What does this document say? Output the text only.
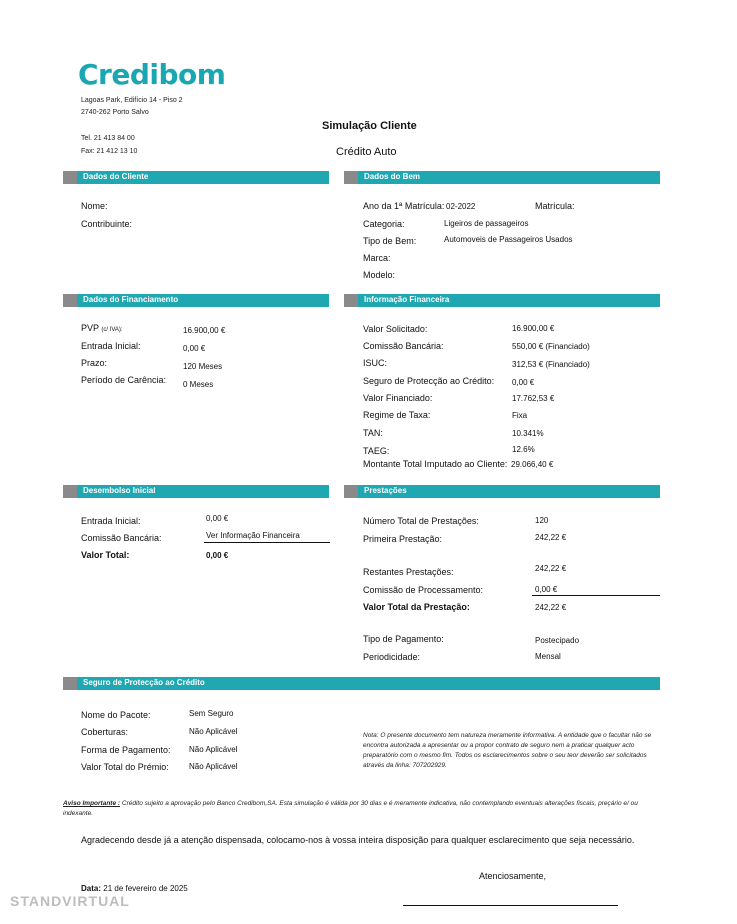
Credibom
Lagoas Park, Edifício 14 - Piso 2
2740-262 Porto Salvo
Tel. 21 413 84 00
Fax: 21 412 13 10
Simulação Cliente
Crédito Auto
Dados do Cliente
Nome:
Contribuinte:
Dados do Bem
Ano da 1ª Matrícula: 02-2022	Matrícula:
Categoria:	Ligeiros de passageiros
Tipo de Bem:	Automoveis de Passageiros Usados
Marca:
Modelo:
Dados do Financiamento
PVP (c/ IVA):	16.900,00 €
Entrada Inicial:	0,00 €
Prazo:	120 Meses
Período de Carência: 0 Meses
Informação Financeira
Valor Solicitado:	16.900,00 €
Comissão Bancária:	550,00 € (Financiado)
ISUC:	312,53 € (Financiado)
Seguro de Protecção ao Crédito: 0,00 €
Valor Financiado:	17.762,53 €
Regime de Taxa:	Fixa
TAN:	10.341%
TAEG:	12.6%
Montante Total Imputado ao Cliente: 29.066,40 €
Desembolso Inicial
Entrada Inicial:	0,00 €
Comissão Bancária:	Ver Informação Financeira
Valor Total:	0,00 €
Prestações
Número Total de Prestações:	120
Primeira Prestação:	242,22 €
Restantes Prestações:	242,22 €
Comissão de Processamento:	0,00 €
Valor Total da Prestação:	242,22 €
Tipo de Pagamento:	Postecipado
Periodicidade:	Mensal
Seguro de Protecção ao Crédito
Nome do Pacote:	Sem Seguro
Coberturas:	Não Aplicável
Forma de Pagamento: Não Aplicável
Valor Total do Prémio:	Não Aplicável
Nota: O presente documento tem natureza meramente informativa. A entidade que o facultar não se encontra autorizada a apresentar ou a propor contrato de seguro nem a praticar qualquer acto preparatório com o mesmo fim. Todos os esclarecimentos sobre o seu teor deverão ser solicitados através da linha: 707202929.
Aviso Importante : Crédito sujeito a aprovação pelo Banco Credibom,SA. Esta simulação é válida por 30 dias e é meramente indicativa, não contemplando eventuais alterações fiscais, preçário e/ ou indexante.
Agradecendo desde já a atenção dispensada, colocamo-nos à vossa inteira disposição para qualquer esclarecimento que seja necessário.
Atenciosamente,
Data: 21 de fevereiro de 2025
STANDVIRTUAL
